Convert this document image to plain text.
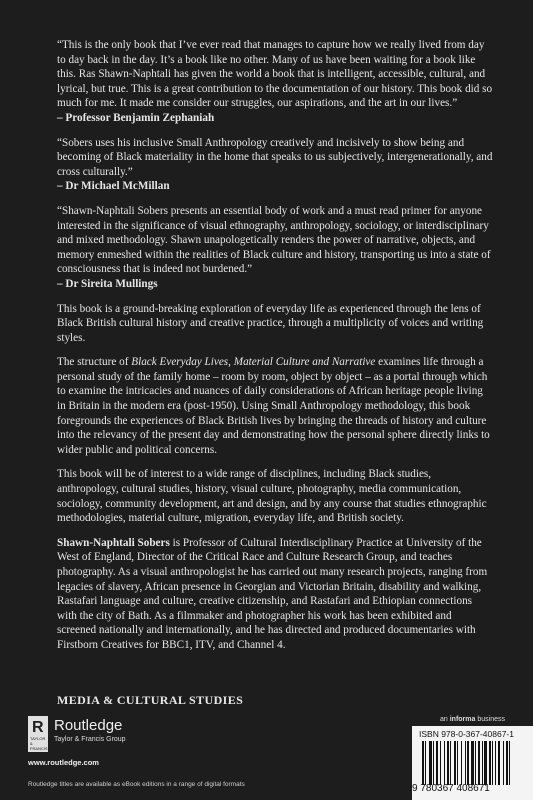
“This is the only book that I’ve ever read that manages to capture how we really lived from day to day back in the day. It’s a book like no other. Many of us have been waiting for a book like this. Ras Shawn-Naphtali has given the world a book that is intelligent, accessible, cultural, and lyrical, but true. This is a great contribution to the documentation of our history. This book did so much for me. It made me consider our struggles, our aspirations, and the art in our lives.”
– Professor Benjamin Zephaniah
“Sobers uses his inclusive Small Anthropology creatively and incisively to show being and becoming of Black materiality in the home that speaks to us subjectively, intergenerationally, and cross culturally.”
– Dr Michael McMillan
“Shawn-Naphtali Sobers presents an essential body of work and a must read primer for anyone interested in the significance of visual ethnography, anthropology, sociology, or interdisciplinary and mixed methodology. Shawn unapologetically renders the power of narrative, objects, and memory enmeshed within the realities of Black culture and history, transporting us into a state of consciousness that is indeed not burdened.”
– Dr Sireita Mullings
This book is a ground-breaking exploration of everyday life as experienced through the lens of Black British cultural history and creative practice, through a multiplicity of voices and writing styles.
The structure of Black Everyday Lives, Material Culture and Narrative examines life through a personal study of the family home – room by room, object by object – as a portal through which to examine the intricacies and nuances of daily considerations of African heritage people living in Britain in the modern era (post-1950). Using Small Anthropology methodology, this book foregrounds the experiences of Black British lives by bringing the threads of history and culture into the relevancy of the present day and demonstrating how the personal sphere directly links to wider public and political concerns.
This book will be of interest to a wide range of disciplines, including Black studies, anthropology, cultural studies, history, visual culture, photography, media communication, sociology, community development, art and design, and by any course that studies ethnographic methodologies, material culture, migration, everyday life, and British society.
Shawn-Naphtali Sobers is Professor of Cultural Interdisciplinary Practice at University of the West of England, Director of the Critical Race and Culture Research Group, and teaches photography. As a visual anthropologist he has carried out many research projects, ranging from legacies of slavery, African presence in Georgian and Victorian Britain, disability and walking, Rastafari language and culture, creative citizenship, and Rastafari and Ethiopian connections with the city of Bath. As a filmmaker and photographer his work has been exhibited and screened nationally and internationally, and he has directed and produced documentaries with Firstborn Creatives for BBC1, ITV, and Channel 4.
MEDIA & CULTURAL STUDIES
an informa business
R
TAYLOR & FRANCIS
Routledge
Taylor & Francis Group
www.routledge.com
Routledge titles are available as eBook editions in a range of digital formats
ISBN 978-0-367-40867-1
9 780367 408671
